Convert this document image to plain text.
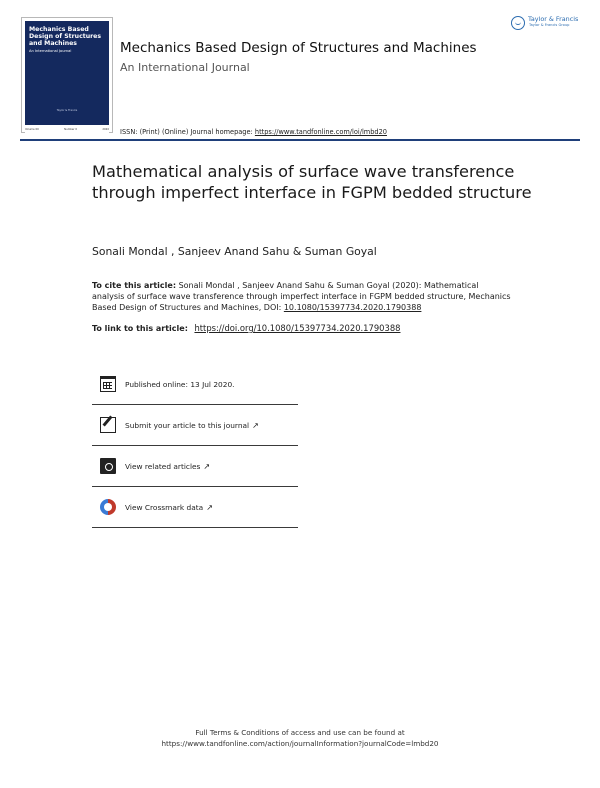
Mechanics Based Design of Structures and Machines
An International Journal
Taylor & Francis
Volume 00	Number 0	2020
Mechanics Based Design of Structures and Machines
An International Journal
ISSN: (Print) (Online) Journal homepage: https://www.tandfonline.com/loi/lmbd20
Taylor & Francis
Taylor & Francis Group
Mathematical analysis of surface wave transference through imperfect interface in FGPM bedded structure
Sonali Mondal , Sanjeev Anand Sahu & Suman Goyal
To cite this article: Sonali Mondal , Sanjeev Anand Sahu & Suman Goyal (2020): Mathematical analysis of surface wave transference through imperfect interface in FGPM bedded structure, Mechanics Based Design of Structures and Machines, DOI: 10.1080/15397734.2020.1790388
To link to this article: https://doi.org/10.1080/15397734.2020.1790388
Published online: 13 Jul 2020.
Submit your article to this journal ↗
View related articles ↗
View Crossmark data ↗
Full Terms & Conditions of access and use can be found at
https://www.tandfonline.com/action/journalInformation?journalCode=lmbd20
